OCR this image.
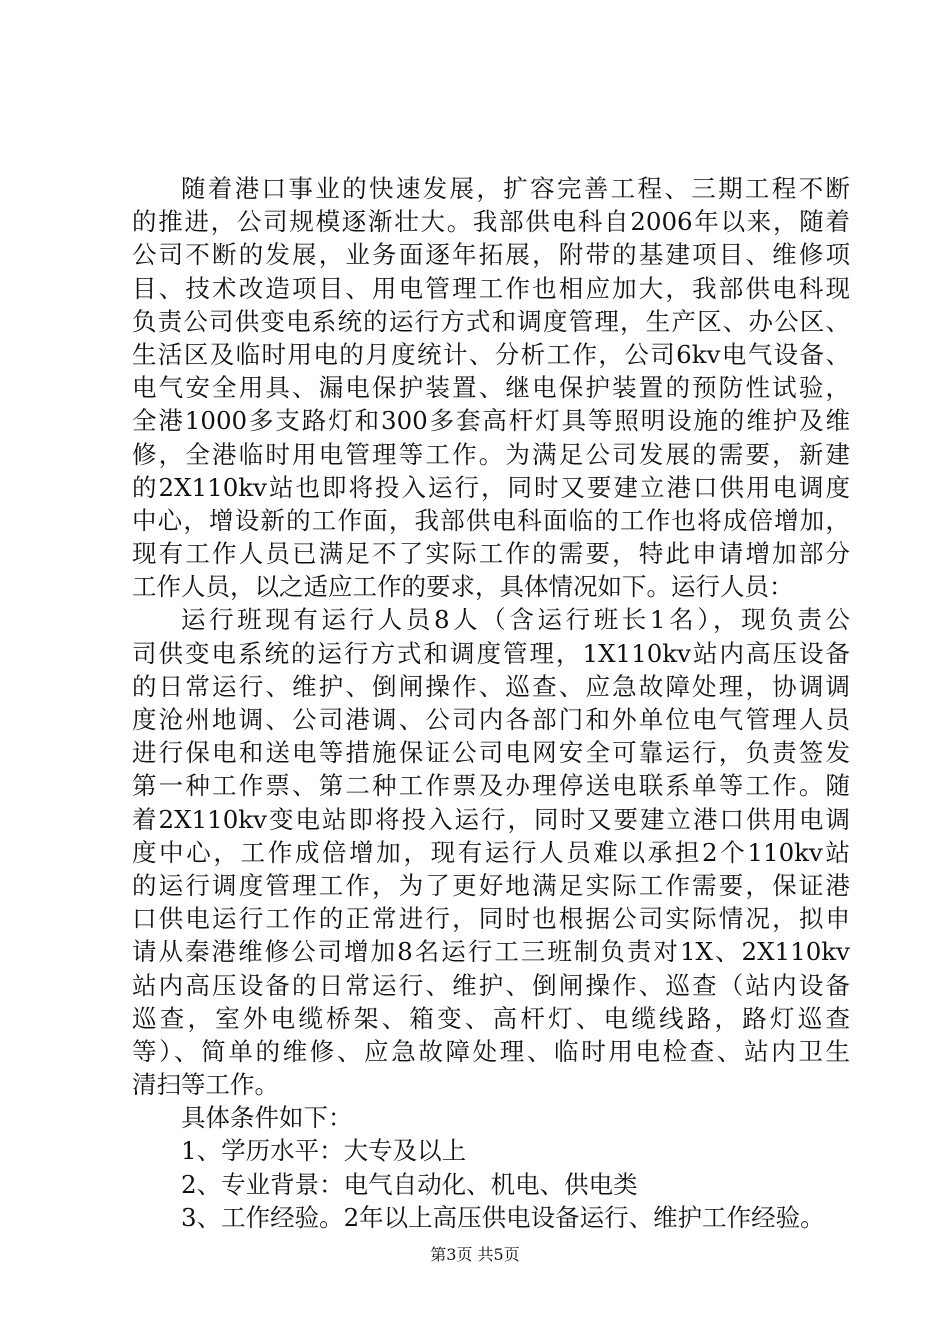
随着港口事业的快速发展，扩容完善工程、三期工程不断
的推进，公司规模逐渐壮大。我部供电科自2006年以来，随着
公司不断的发展，业务面逐年拓展，附带的基建项目、维修项
目、技术改造项目、用电管理工作也相应加大，我部供电科现
负责公司供变电系统的运行方式和调度管理，生产区、办公区、
生活区及临时用电的月度统计、分析工作，公司6kv电气设备、
电气安全用具、漏电保护装置、继电保护装置的预防性试验，
全港1000多支路灯和300多套高杆灯具等照明设施的维护及维
修，全港临时用电管理等工作。为满足公司发展的需要，新建
的2X110kv站也即将投入运行，同时又要建立港口供用电调度
中心，增设新的工作面，我部供电科面临的工作也将成倍增加，
现有工作人员已满足不了实际工作的需要，特此申请增加部分
工作人员，以之适应工作的要求，具体情况如下。运行人员：
运行班现有运行人员8人（含运行班长1名），现负责公
司供变电系统的运行方式和调度管理，1X110kv站内高压设备
的日常运行、维护、倒闸操作、巡查、应急故障处理，协调调
度沧州地调、公司港调、公司内各部门和外单位电气管理人员
进行保电和送电等措施保证公司电网安全可靠运行，负责签发
第一种工作票、第二种工作票及办理停送电联系单等工作。随
着2X110kv变电站即将投入运行，同时又要建立港口供用电调
度中心，工作成倍增加，现有运行人员难以承担2个110kv站
的运行调度管理工作，为了更好地满足实际工作需要，保证港
口供电运行工作的正常进行，同时也根据公司实际情况，拟申
请从秦港维修公司增加8名运行工三班制负责对1X、2X110kv
站内高压设备的日常运行、维护、倒闸操作、巡查（站内设备
巡查，室外电缆桥架、箱变、高杆灯、电缆线路，路灯巡查
等）、简单的维修、应急故障处理、临时用电检查、站内卫生
清扫等工作。
具体条件如下：
1、学历水平：大专及以上
2、专业背景：电气自动化、机电、供电类
3、工作经验。2年以上高压供电设备运行、维护工作经验。
第3页 共5页
